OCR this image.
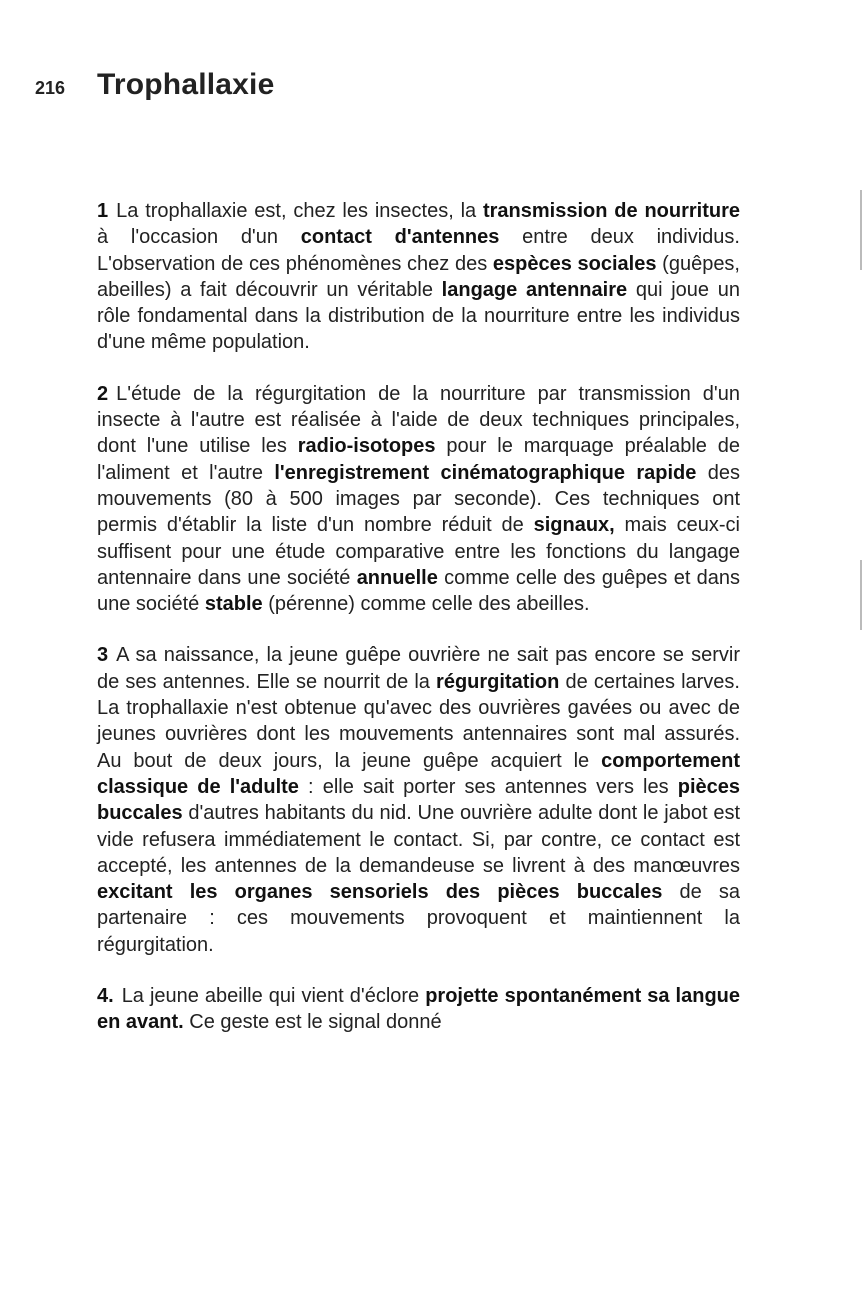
216	Trophallaxie

1 La trophallaxie est, chez les insectes, la transmission de nourriture à l'occasion d'un contact d'antennes entre deux individus. L'observation de ces phénomènes chez des espèces sociales (guêpes, abeilles) a fait découvrir un véritable langage antennaire qui joue un rôle fondamental dans la distribution de la nourriture entre les individus d'une même population.

2 L'étude de la régurgitation de la nourriture par transmission d'un insecte à l'autre est réalisée à l'aide de deux techniques principales, dont l'une utilise les radio-isotopes pour le marquage préalable de l'aliment et l'autre l'enregistrement cinématographique rapide des mouvements (80 à 500 images par seconde). Ces techniques ont permis d'établir la liste d'un nombre réduit de signaux, mais ceux-ci suffisent pour une étude comparative entre les fonctions du langage antennaire dans une société annuelle comme celle des guêpes et dans une société stable (pérenne) comme celle des abeilles.

3 A sa naissance, la jeune guêpe ouvrière ne sait pas encore se servir de ses antennes. Elle se nourrit de la régurgitation de certaines larves. La trophallaxie n'est obtenue qu'avec des ouvrières gavées ou avec de jeunes ouvrières dont les mouvements antennaires sont mal assurés. Au bout de deux jours, la jeune guêpe acquiert le comportement classique de l'adulte : elle sait porter ses antennes vers les pièces buccales d'autres habitants du nid. Une ouvrière adulte dont le jabot est vide refusera immédiatement le contact. Si, par contre, ce contact est accepté, les antennes de la demandeuse se livrent à des manœuvres excitant les organes sensoriels des pièces buccales de sa partenaire : ces mouvements provoquent et maintiennent la régurgitation.

4. La jeune abeille qui vient d'éclore projette spontanément sa langue en avant. Ce geste est le signal donné
